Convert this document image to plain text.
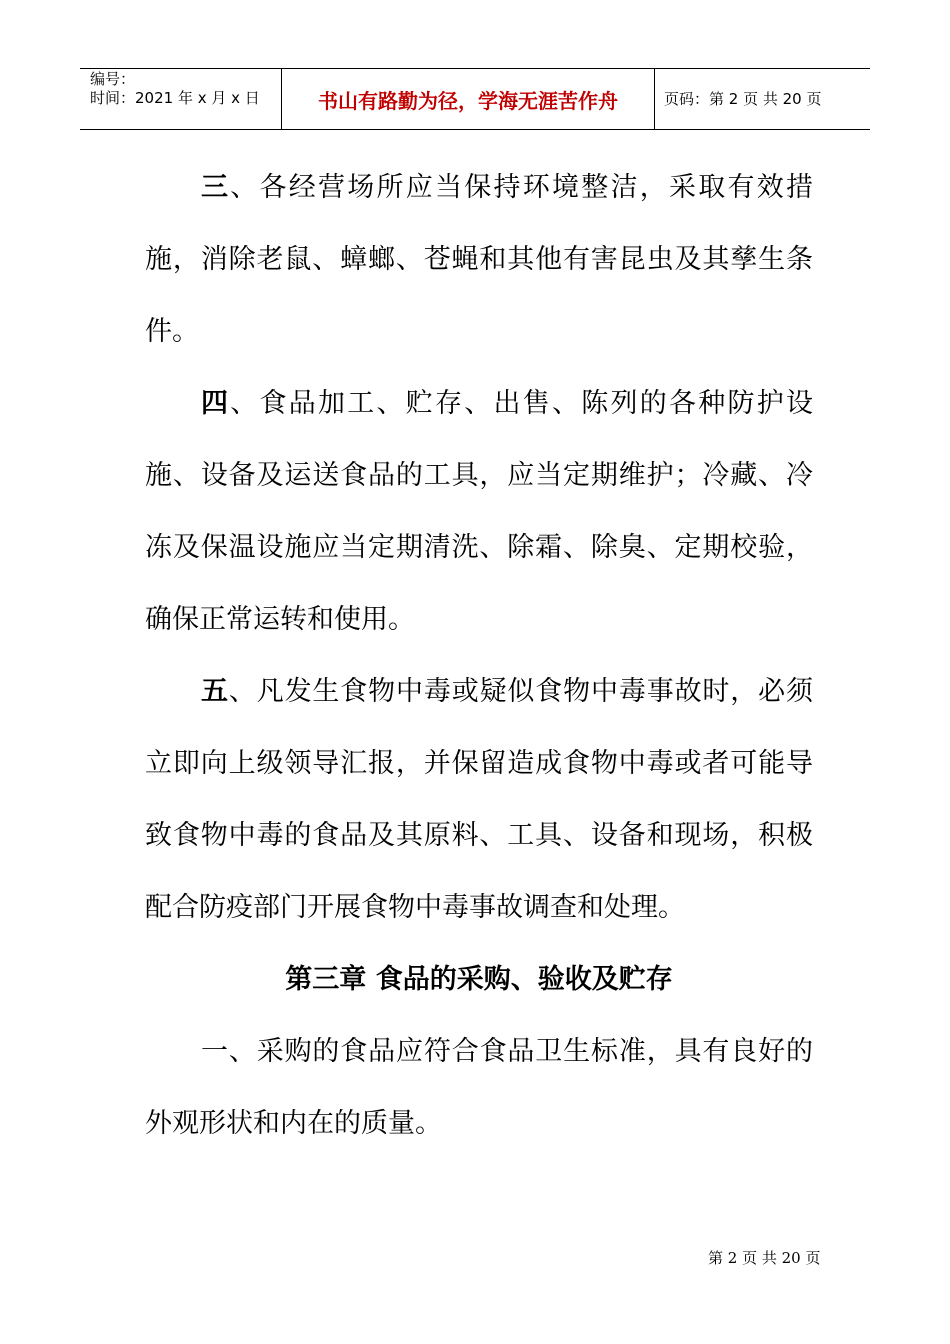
编号：
时间：2021 年 x 月 x 日	书山有路勤为径，学海无涯苦作舟	页码：第 2 页 共 20 页

三、各经营场所应当保持环境整洁，采取有效措施，消除老鼠、蟑螂、苍蝇和其他有害昆虫及其孳生条件。

四、食品加工、贮存、出售、陈列的各种防护设施、设备及运送食品的工具，应当定期维护；冷藏、冷冻及保温设施应当定期清洗、除霜、除臭、定期校验，确保正常运转和使用。

五、凡发生食物中毒或疑似食物中毒事故时，必须立即向上级领导汇报，并保留造成食物中毒或者可能导致食物中毒的食品及其原料、工具、设备和现场，积极配合防疫部门开展食物中毒事故调查和处理。

第三章 食品的采购、验收及贮存

一、采购的食品应符合食品卫生标准，具有良好的外观形状和内在的质量。

第 2 页 共 20 页
